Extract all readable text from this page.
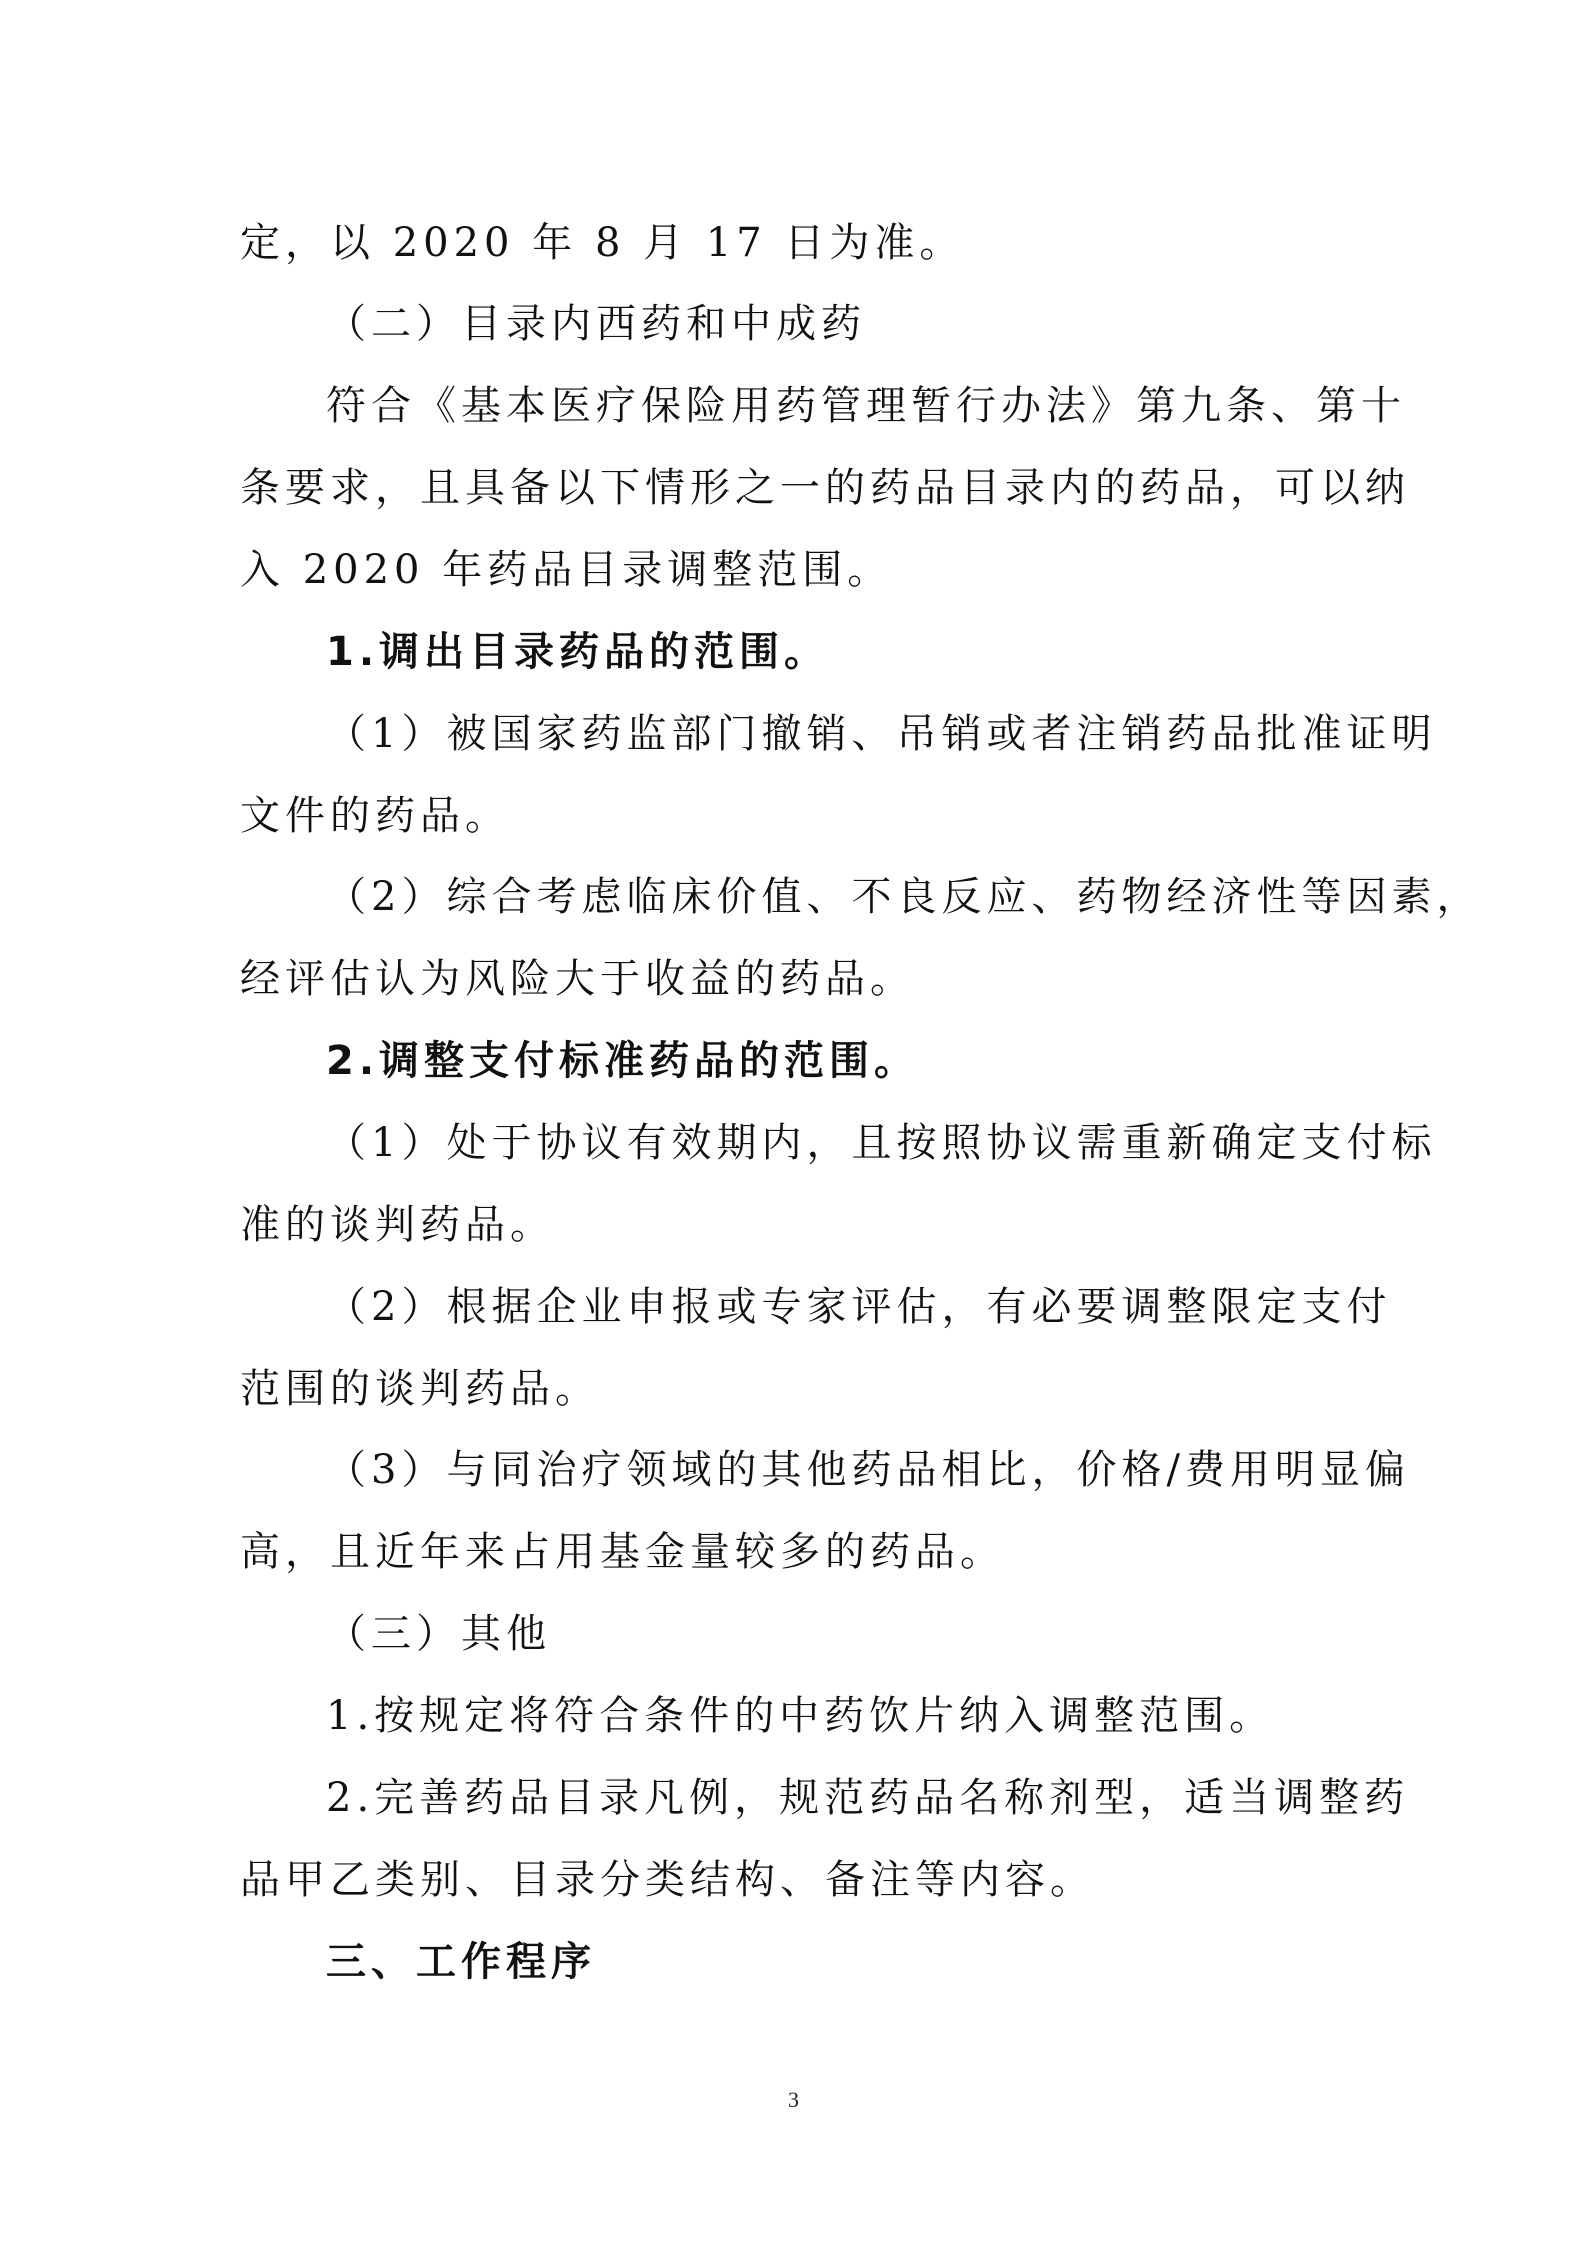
定，以 2020 年 8 月 17 日为准。
（二）目录内西药和中成药
符合《基本医疗保险用药管理暂行办法》第九条、第十
条要求，且具备以下情形之一的药品目录内的药品，可以纳
入 2020 年药品目录调整范围。
1.调出目录药品的范围。
（1）被国家药监部门撤销、吊销或者注销药品批准证明
文件的药品。
（2）综合考虑临床价值、不良反应、药物经济性等因素，
经评估认为风险大于收益的药品。
2.调整支付标准药品的范围。
（1）处于协议有效期内，且按照协议需重新确定支付标
准的谈判药品。
（2）根据企业申报或专家评估，有必要调整限定支付
范围的谈判药品。
（3）与同治疗领域的其他药品相比，价格/费用明显偏
高，且近年来占用基金量较多的药品。
（三）其他
1.按规定将符合条件的中药饮片纳入调整范围。
2.完善药品目录凡例，规范药品名称剂型，适当调整药
品甲乙类别、目录分类结构、备注等内容。
三、工作程序
3
